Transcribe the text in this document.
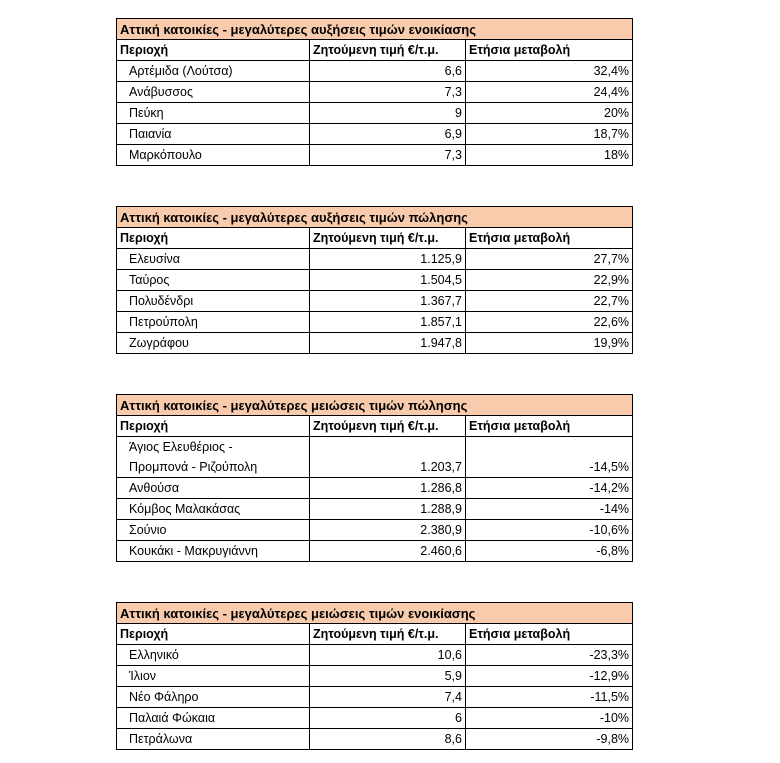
Αττική κατοικίες - μεγαλύτερες αυξήσεις τιμών ενοικίασης		
Περιοχή	Ζητούμενη τιμή €/τ.μ.	Ετήσια μεταβολή
Αρτέμιδα (Λούτσα)	6,6	32,4%
Ανάβυσσος	7,3	24,4%
Πεύκη	9	20%
Παιανία	6,9	18,7%
Μαρκόπουλο	7,3	18%
Αττική κατοικίες - μεγαλύτερες αυξήσεις τιμών πώλησης		
Περιοχή	Ζητούμενη τιμή €/τ.μ.	Ετήσια μεταβολή
Ελευσίνα	1.125,9	27,7%
Ταύρος	1.504,5	22,9%
Πολυδένδρι	1.367,7	22,7%
Πετρούπολη	1.857,1	22,6%
Ζωγράφου	1.947,8	19,9%
Αττική κατοικίες - μεγαλύτερες μειώσεις τιμών πώλησης		
Περιοχή	Ζητούμενη τιμή €/τ.μ.	Ετήσια μεταβολή
Άγιος Ελευθέριος -
Προμπονά - Ριζούπολη	1.203,7	-14,5%
Ανθούσα	1.286,8	-14,2%
Κόμβος Μαλακάσας	1.288,9	-14%
Σούνιο	2.380,9	-10,6%
Κουκάκι - Μακρυγιάννη	2.460,6	-6,8%
Αττική κατοικίες - μεγαλύτερες μειώσεις τιμών ενοικίασης		
Περιοχή	Ζητούμενη τιμή €/τ.μ.	Ετήσια μεταβολή
Ελληνικό	10,6	-23,3%
Ίλιον	5,9	-12,9%
Νέο Φάληρο	7,4	-11,5%
Παλαιά Φώκαια	6	-10%
Πετράλωνα	8,6	-9,8%
